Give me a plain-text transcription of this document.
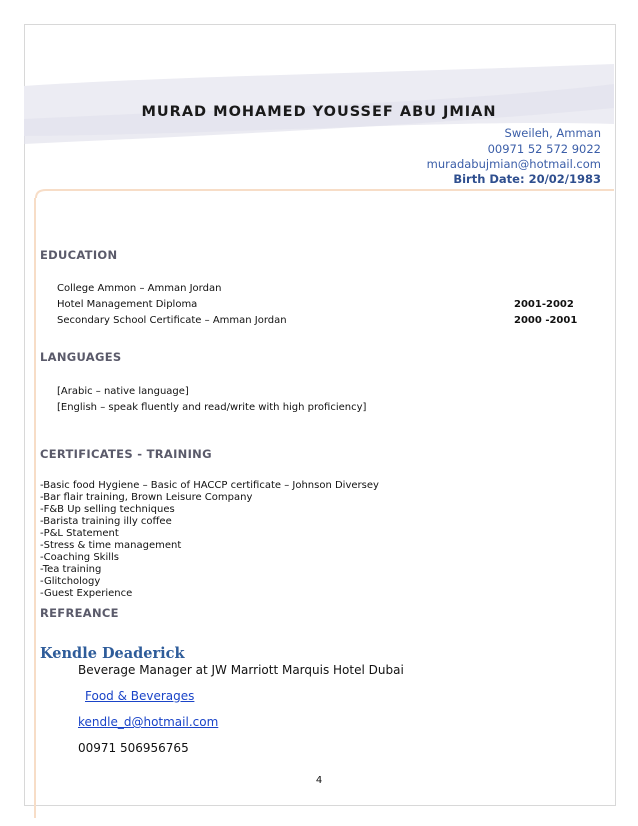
MURAD MOHAMED YOUSSEF ABU JMIAN
Sweileh, Amman
00971 52 572 9022
muradabujmian@hotmail.com
Birth Date: 20/02/1983
EDUCATION
College Ammon – Amman Jordan
Hotel Management Diploma	2001-2002
Secondary School Certificate – Amman Jordan	2000 -2001
LANGUAGES
[Arabic – native language]
[English – speak fluently and read/write with high proficiency]
CERTIFICATES - TRAINING
-Basic food Hygiene – Basic of HACCP certificate – Johnson Diversey
-Bar flair training, Brown Leisure Company
-F&B Up selling techniques
-Barista training illy coffee
-P&L Statement
-Stress & time management
-Coaching Skills
-Tea training
-Glitchology
-Guest Experience
REFREANCE
Kendle Deaderick
Beverage Manager at JW Marriott Marquis Hotel Dubai
Food & Beverages
kendle_d@hotmail.com
00971 506956765
4
